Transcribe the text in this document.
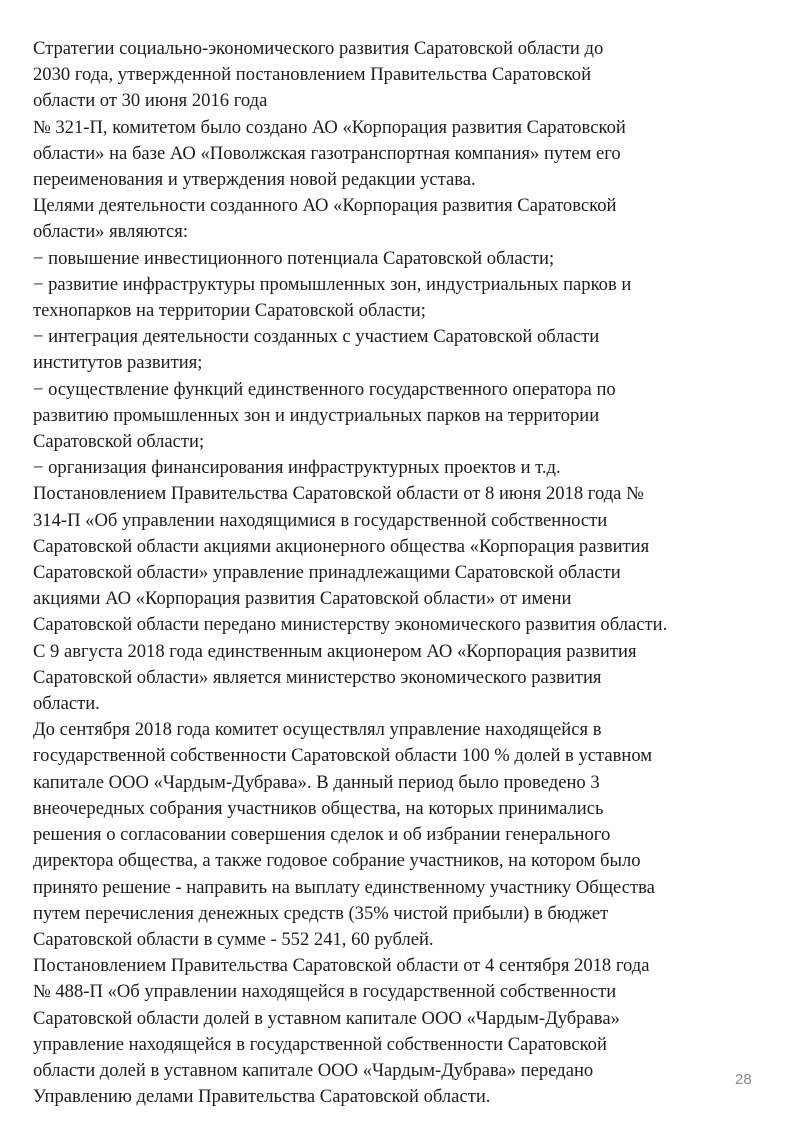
Стратегии социально-экономического развития Саратовской области до
2030 года, утвержденной постановлением Правительства Саратовской
области от 30 июня 2016 года
№ 321-П, комитетом было создано АО «Корпорация развития Саратовской
области» на базе АО «Поволжская газотранспортная компания» путем его
переименования и утверждения новой редакции устава.
Целями деятельности созданного АО «Корпорация развития Саратовской
области» являются:
− повышение инвестиционного потенциала Саратовской области;
− развитие инфраструктуры промышленных зон, индустриальных парков и
технопарков на территории Саратовской области;
− интеграция деятельности созданных с участием Саратовской области
институтов развития;
− осуществление функций единственного государственного оператора по
развитию промышленных зон и индустриальных парков на территории
Саратовской области;
− организация финансирования инфраструктурных проектов и т.д.
Постановлением Правительства Саратовской области от 8 июня 2018 года №
314-П «Об управлении находящимися в государственной собственности
Саратовской области акциями акционерного общества «Корпорация развития
Саратовской области» управление принадлежащими Саратовской области
акциями АО «Корпорация развития Саратовской области» от имени
Саратовской области передано министерству экономического развития области.
С 9 августа 2018 года единственным акционером АО «Корпорация развития
Саратовской области» является министерство экономического развития
области.
До сентября 2018 года комитет осуществлял управление находящейся в
государственной собственности Саратовской области 100 % долей в уставном
капитале ООО «Чардым-Дубрава». В данный период было проведено 3
внеочередных собрания участников общества, на которых принимались
решения о согласовании совершения сделок и об избрании генерального
директора общества, а также годовое собрание участников, на котором было
принято решение - направить на выплату единственному участнику Общества
путем перечисления денежных средств (35% чистой прибыли) в бюджет
Саратовской области в сумме - 552 241, 60 рублей.
Постановлением Правительства Саратовской области от 4 сентября 2018 года
№ 488-П «Об управлении находящейся в государственной собственности
Саратовской области долей в уставном капитале ООО «Чардым-Дубрава»
управление находящейся в государственной собственности Саратовской
области долей в уставном капитале ООО «Чардым-Дубрава» передано
Управлению делами Правительства Саратовской области.
28
